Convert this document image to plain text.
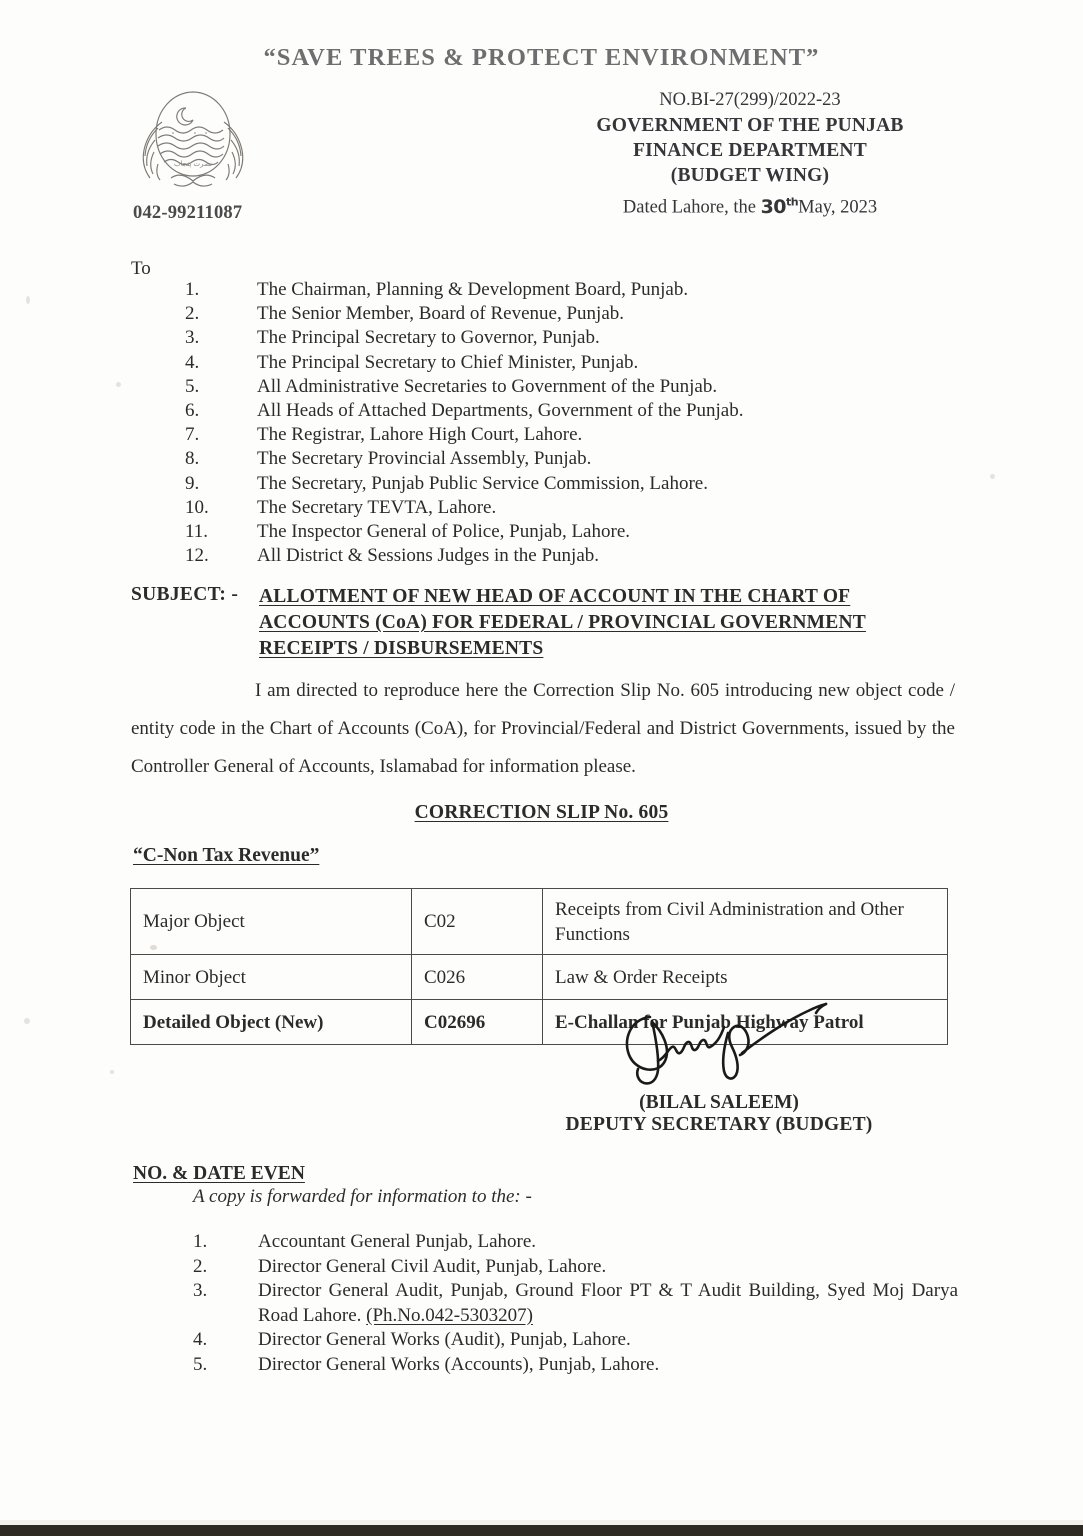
“SAVE TREES & PROTECT ENVIRONMENT”
نصرت پنجاب
042-99211087
NO.BI-27(299)/2022-23
GOVERNMENT OF THE PUNJAB
FINANCE DEPARTMENT
(BUDGET WING)
Dated Lahore, the 30thMay, 2023
To
1.	The Chairman, Planning & Development Board, Punjab.
2.	The Senior Member, Board of Revenue, Punjab.
3.	The Principal Secretary to Governor, Punjab.
4.	The Principal Secretary to Chief Minister, Punjab.
5.	All Administrative Secretaries to Government of the Punjab.
6.	All Heads of Attached Departments, Government of the Punjab.
7.	The Registrar, Lahore High Court, Lahore.
8.	The Secretary Provincial Assembly, Punjab.
9.	The Secretary, Punjab Public Service Commission, Lahore.
10.	The Secretary TEVTA, Lahore.
11.	The Inspector General of Police, Punjab, Lahore.
12.	All District & Sessions Judges in the Punjab.
SUBJECT: -	ALLOTMENT OF NEW HEAD OF ACCOUNT IN THE CHART OF
ACCOUNTS (CoA) FOR FEDERAL / PROVINCIAL GOVERNMENT

RECEIPTS / DISBURSEMENTS
I am directed to reproduce here the Correction Slip No. 605 introducing new object code / entity code in the Chart of Accounts (CoA), for Provincial/Federal and District Governments, issued by the Controller General of Accounts, Islamabad for information please.
CORRECTION SLIP No. 605
“C-Non Tax Revenue”
Major Object	C02	Receipts from Civil Administration and Other Functions
Minor Object	C026	Law & Order Receipts
Detailed Object (New)	C02696	E-Challan for Punjab Highway Patrol
(BILAL SALEEM)
DEPUTY SECRETARY (BUDGET)
NO. & DATE EVEN
A copy is forwarded for information to the: -
1.	Accountant General Punjab, Lahore.
2.	Director General Civil Audit, Punjab, Lahore.
3.	Director General Audit, Punjab, Ground Floor PT & T Audit Building, Syed Moj Darya Road Lahore. (Ph.No.042-5303207)
4.	Director General Works (Audit), Punjab, Lahore.
5.	Director General Works (Accounts), Punjab, Lahore.
